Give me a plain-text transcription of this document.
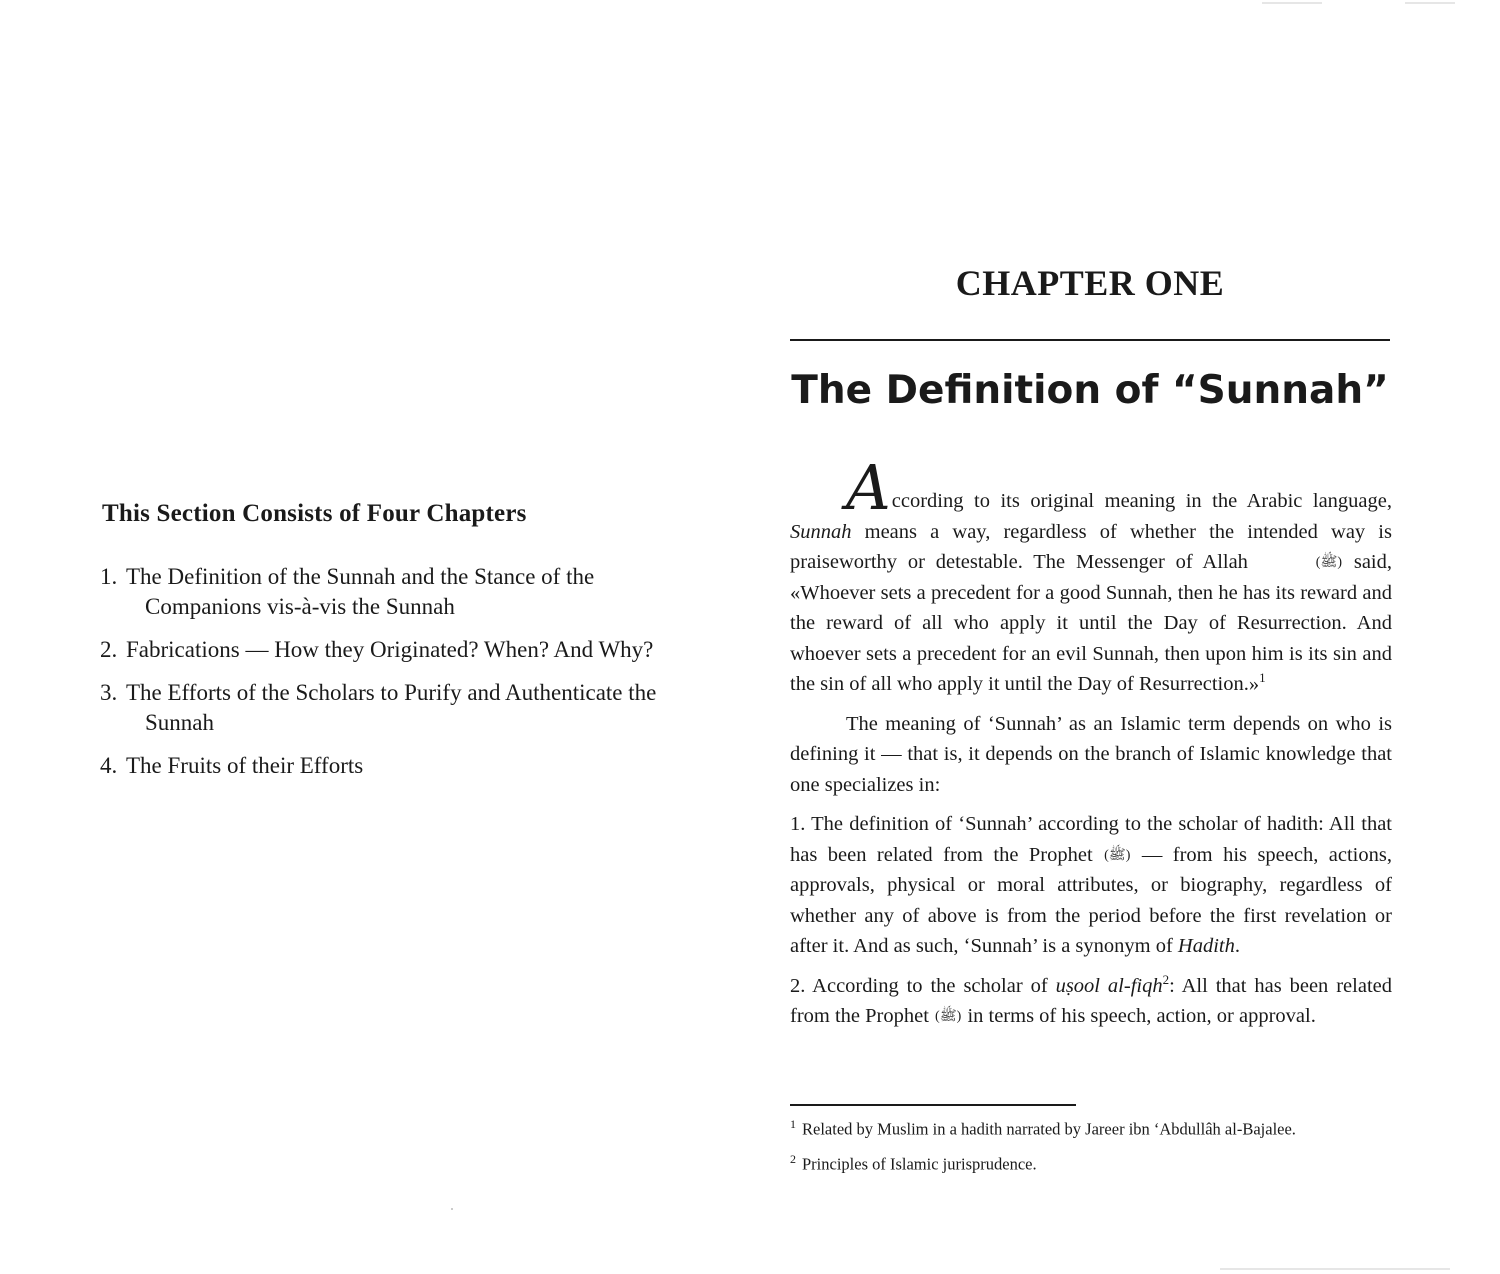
This Section Consists of Four Chapters
1. The Definition of the Sunnah and the Stance of the Companions vis-à-vis the Sunnah
2. Fabrications — How they Originated? When? And Why?
3. The Efforts of the Scholars to Purify and Authenticate the Sunnah
4. The Fruits of their Efforts
CHAPTER ONE
The Definition of “Sunnah”

According to its original meaning in the Arabic language, Sunnah means a way, regardless of whether the intended way is praiseworthy or detestable. The Messenger of Allah	(ﷺ) said, «Whoever sets a precedent for a good Sunnah, then he has its reward and the reward of all who apply it until the Day of Resurrection. And whoever sets a precedent for an evil Sunnah, then upon him is its sin and the sin of all who apply it until the Day of Resurrection.»$^1$

The meaning of ‘Sunnah’ as an Islamic term depends on who is defining it — that is, it depends on the branch of Islamic knowledge that one specializes in:

1. The definition of ‘Sunnah’ according to the scholar of hadith: All that has been related from the Prophet (ﷺ) — from his speech, actions, approvals, physical or moral attributes, or biography, regardless of whether any of above is from the period before the first revelation or after it. And as such, ‘Sunnah’ is a synonym of Hadith.

2. According to the scholar of uṣool al-fiqh$^2$: All that has been related from the Prophet (ﷺ) in terms of his speech, action, or approval.

$^1$ Related by Muslim in a hadith narrated by Jareer ibn ‘Abdullâh al-Bajalee.
$^2$ Principles of Islamic jurisprudence.
